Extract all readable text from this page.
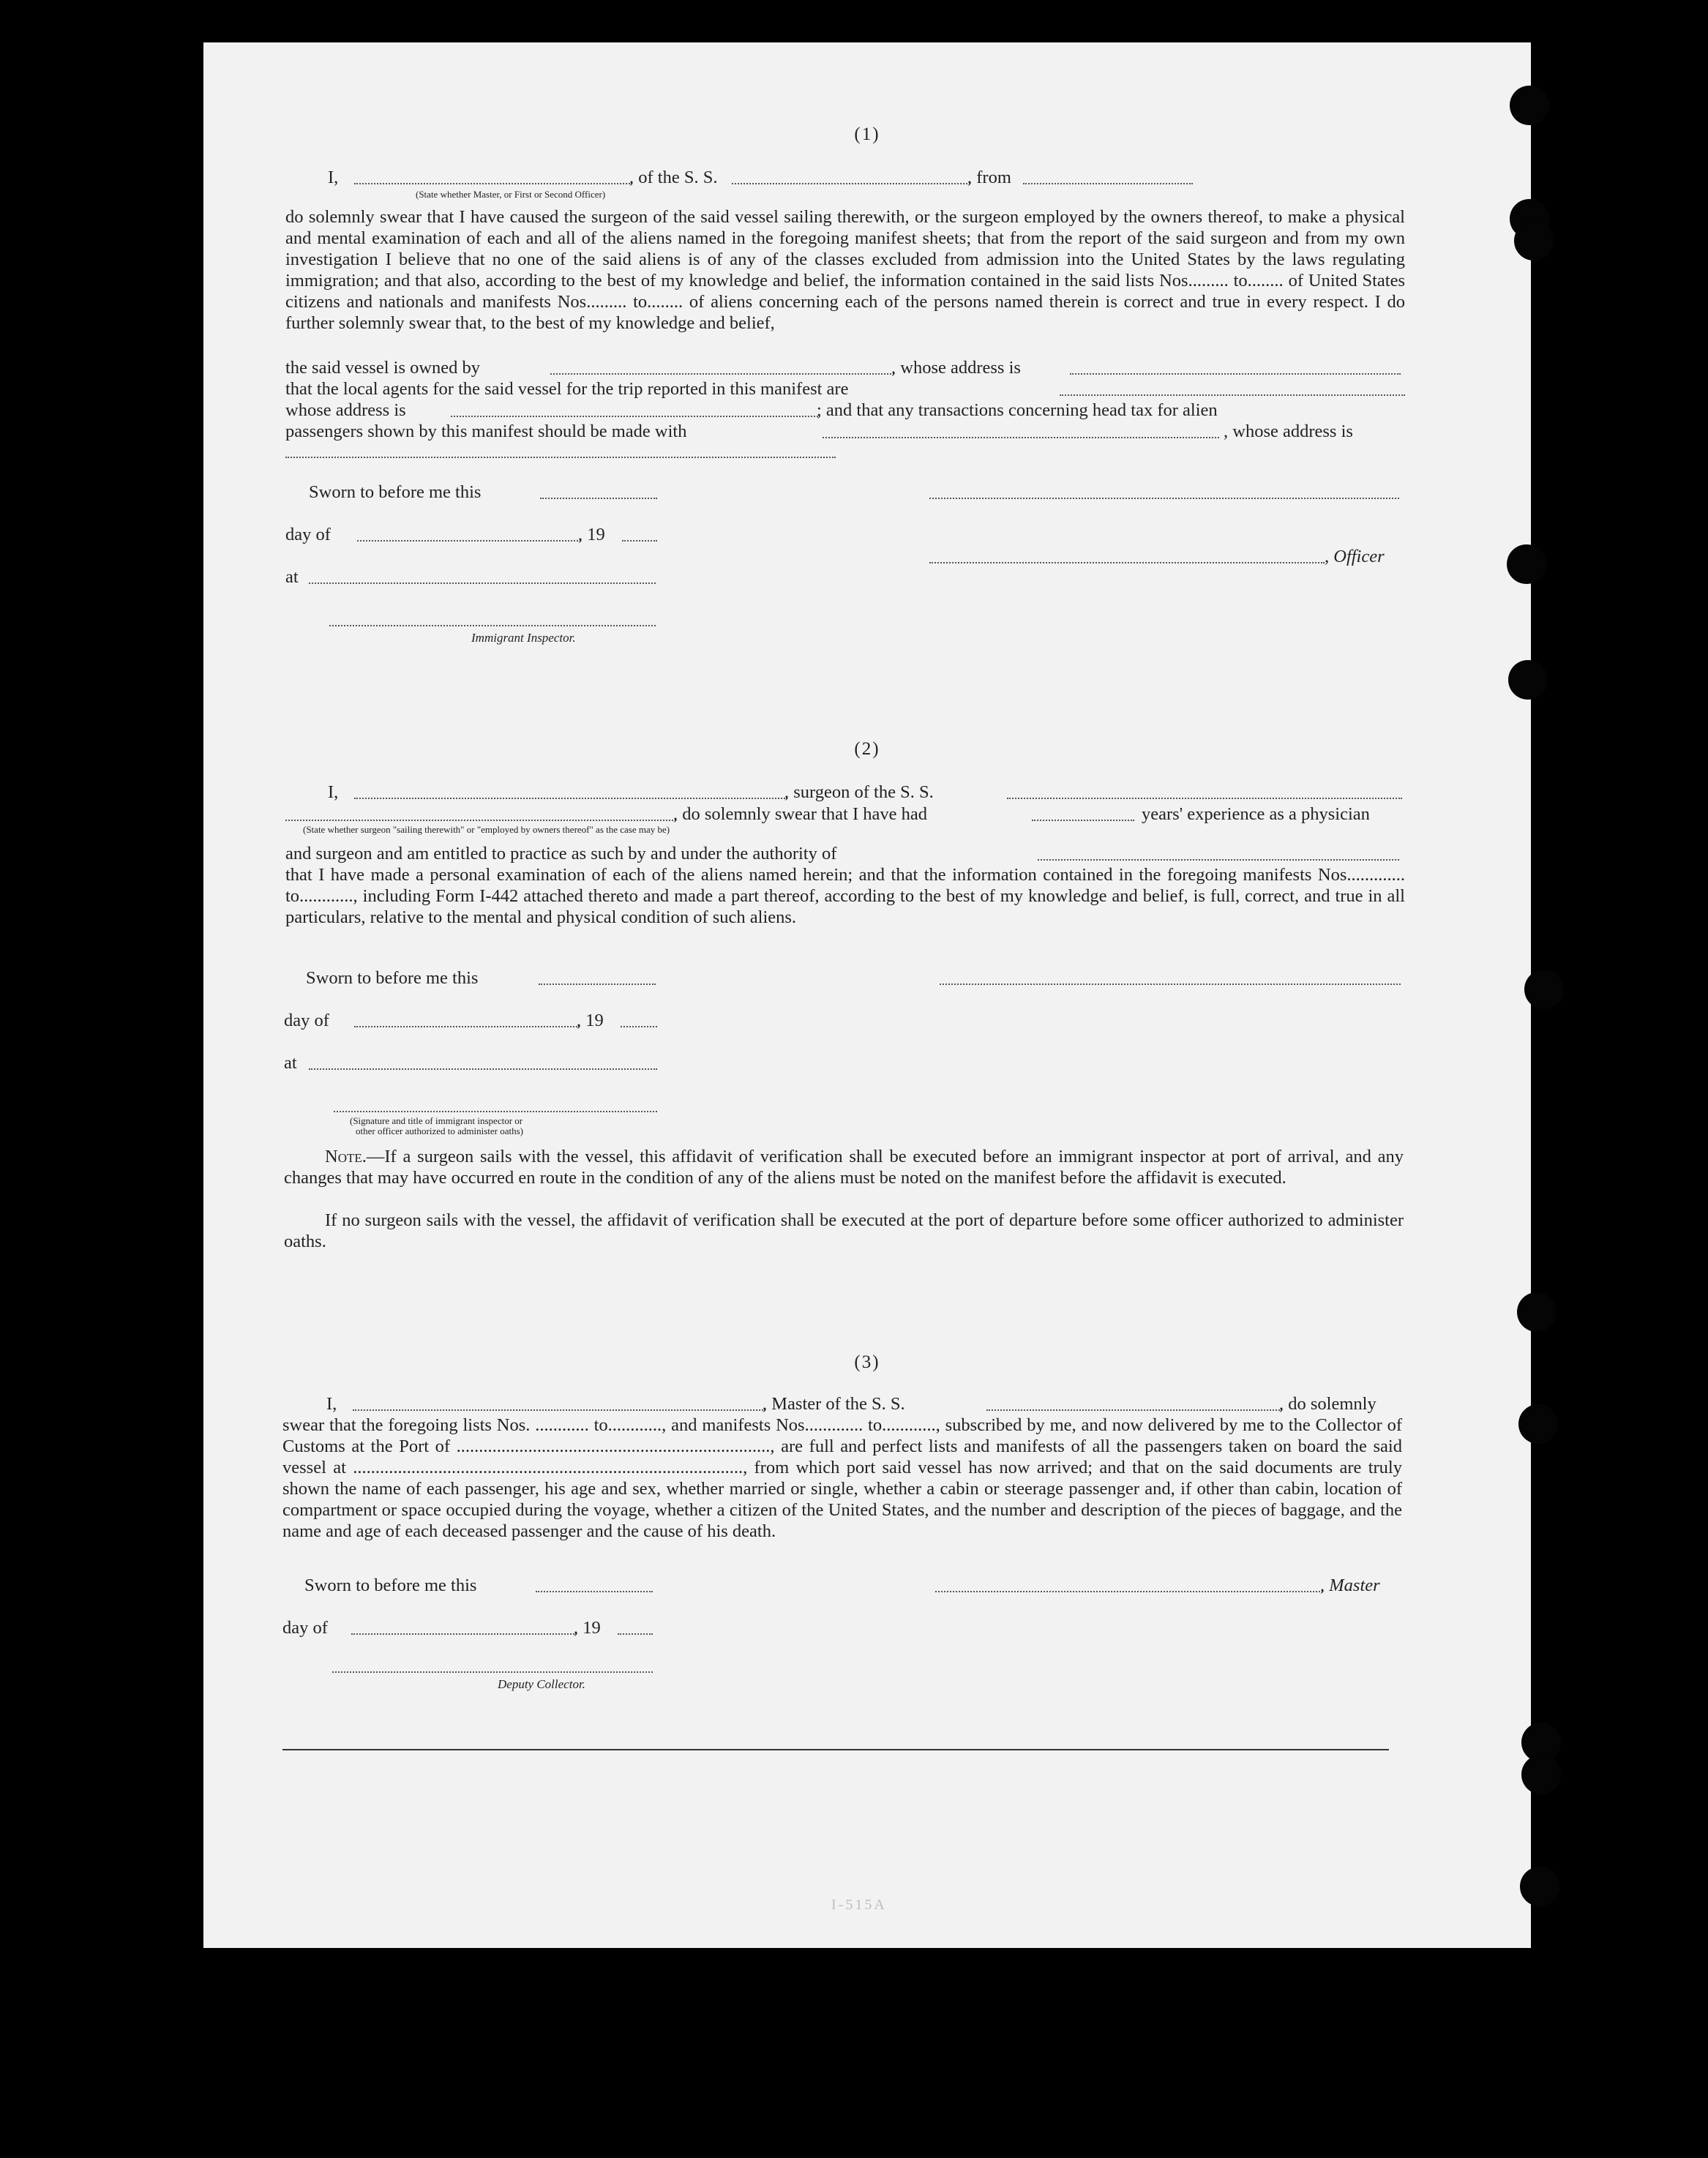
(1)
I,	, of the S. S.	, from
(State whether Master, or First or Second Officer)
do solemnly swear that I have caused the surgeon of the said vessel sailing therewith, or the surgeon employed by the owners thereof, to make a physical and mental examination of each and all of the aliens named in the foregoing manifest sheets; that from the report of the said surgeon and from my own investigation I believe that no one of the said aliens is of any of the classes excluded from admission into the United States by the laws regulating immigration; and that also, according to the best of my knowledge and belief, the information contained in the said lists Nos......... to........ of United States citizens and nationals and manifests Nos......... to........ of aliens concerning each of the persons named therein is correct and true in every respect. I do further solemnly swear that, to the best of my knowledge and belief,
the said vessel is owned by	, whose address is
that the local agents for the said vessel for the trip reported in this manifest are
whose address is	; and that any transactions concerning head tax for alien
passengers shown by this manifest should be made with	, whose address is
Sworn to before me this
day of	, 19
, Officer
at
Immigrant Inspector.
(2)
I,	, surgeon of the S. S.
, do solemnly swear that I have had	years' experience as a physician
(State whether surgeon "sailing therewith" or "employed by owners thereof" as the case may be)
and surgeon and am entitled to practice as such by and under the authority of
that I have made a personal examination of each of the aliens named herein; and that the information contained in the foregoing manifests Nos............. to............, including Form I-442 attached thereto and made a part thereof, according to the best of my knowledge and belief, is full, correct, and true in all particulars, relative to the mental and physical condition of such aliens.
Sworn to before me this
day of	, 19
at
(Signature and title of immigrant inspector or
other officer authorized to administer oaths)
Note.—If a surgeon sails with the vessel, this affidavit of verification shall be executed before an immigrant inspector at port of arrival, and any changes that may have occurred en route in the condition of any of the aliens must be noted on the manifest before the affidavit is executed.
If no surgeon sails with the vessel, the affidavit of verification shall be executed at the port of departure before some officer authorized to administer oaths.
(3)
I,	, Master of the S. S.	, do solemnly
swear that the foregoing lists Nos. ............ to............, and manifests Nos............. to............, subscribed by me, and now delivered by me to the Collector of Customs at the Port of ......................................................................, are full and perfect lists and manifests of all the passengers taken on board the said vessel at ......................................................................................., from which port said vessel has now arrived; and that on the said documents are truly shown the name of each passenger, his age and sex, whether married or single, whether a cabin or steerage passenger and, if other than cabin, location of compartment or space occupied during the voyage, whether a citizen of the United States, and the number and description of the pieces of baggage, and the name and age of each deceased passenger and the cause of his death.
Sworn to before me this	, Master
day of	, 19
Deputy Collector.
I-515A
